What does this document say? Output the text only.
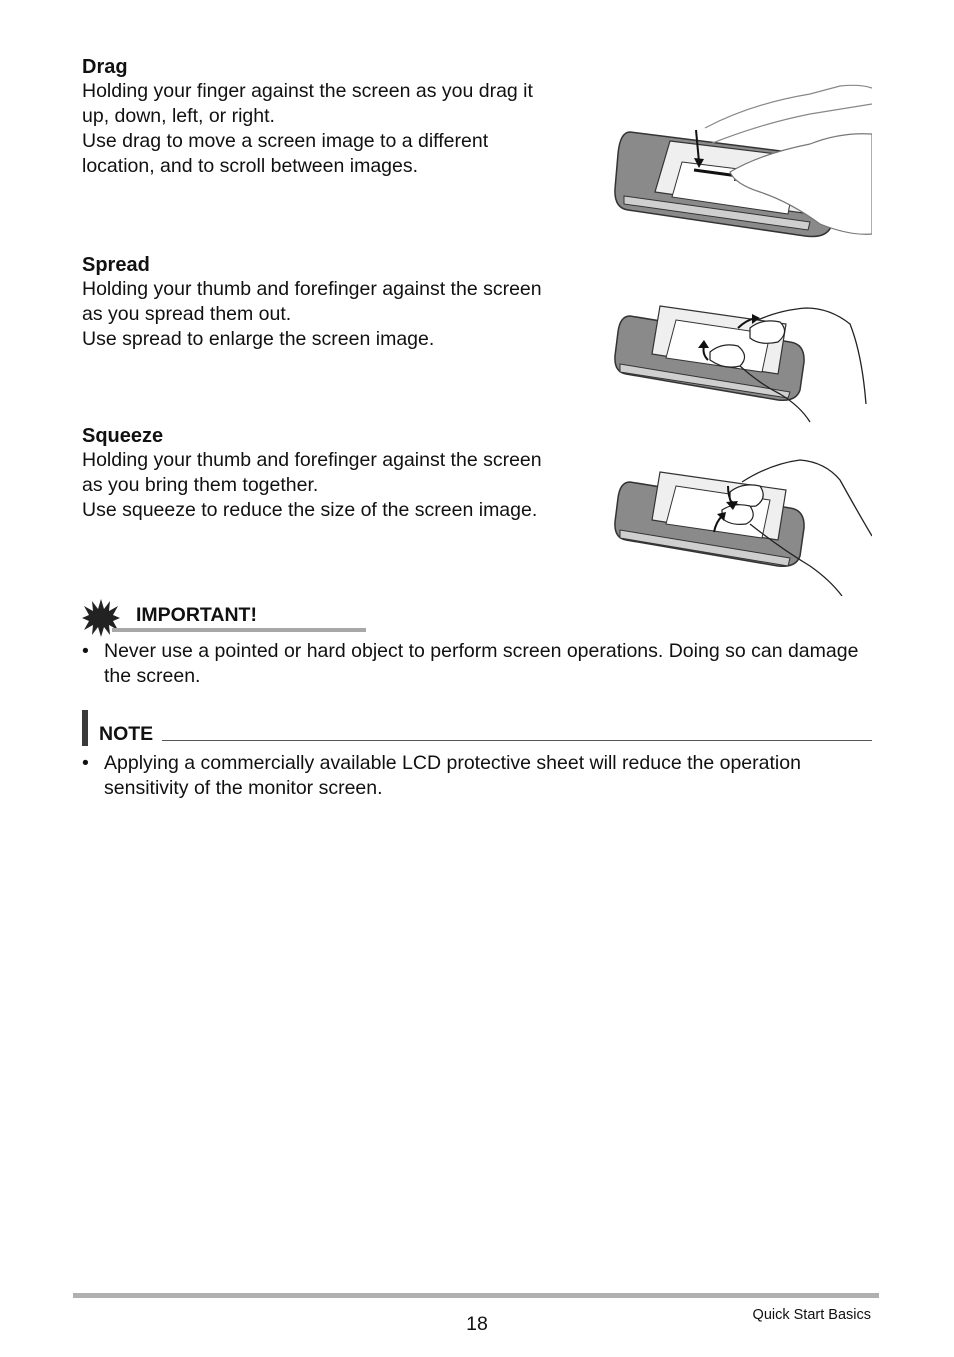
Drag

Holding your finger against the screen as you drag it

up, down, left, or right.

Use drag to move a screen image to a different

location, and to scroll between images.

Spread

Holding your thumb and forefinger against the screen

as you spread them out.

Use spread to enlarge the screen image.

Squeeze

Holding your thumb and forefinger against the screen

as you bring them together.

Use squeeze to reduce the size of the screen image.

IMPORTANT!
• Never use a pointed or hard object to perform screen operations. Doing so can damage the screen.
NOTE
• Applying a commercially available LCD protective sheet will reduce the operation sensitivity of the monitor screen.
18	Quick Start Basics
